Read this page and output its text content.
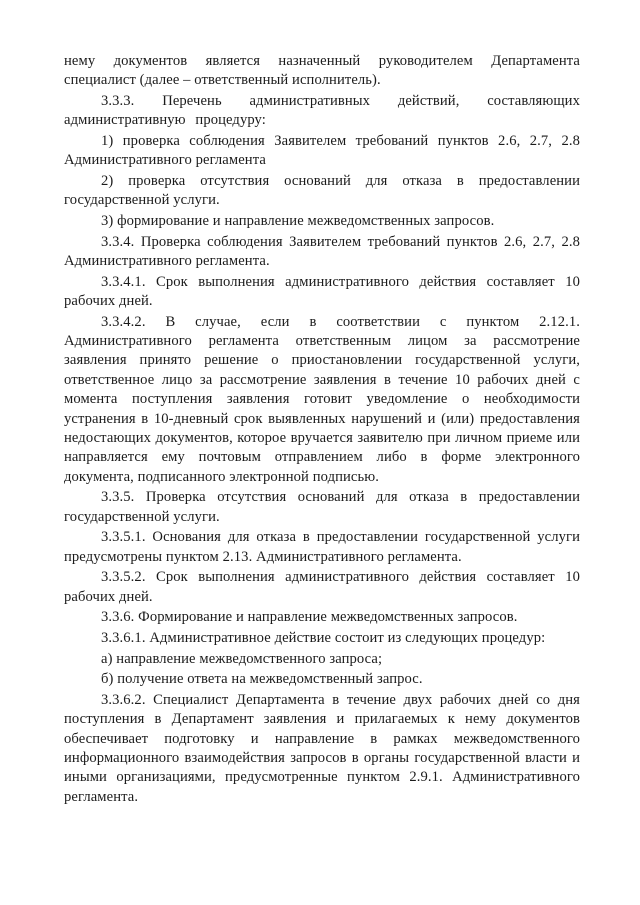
нему документов является назначенный руководителем Департамента специалист (далее – ответственный исполнитель).

3.3.3. Перечень административных действий, составляющих административную процедуру:

1) проверка соблюдения Заявителем требований пунктов 2.6, 2.7, 2.8 Административного регламента

2) проверка отсутствия оснований для отказа в предоставлении государственной услуги.

3) формирование и направление межведомственных запросов.

3.3.4. Проверка соблюдения Заявителем требований пунктов 2.6, 2.7, 2.8 Административного регламента.

3.3.4.1. Срок выполнения административного действия составляет 10 рабочих дней.

3.3.4.2. В случае, если в соответствии с пунктом 2.12.1. Административного регламента ответственным лицом за рассмотрение заявления принято решение о приостановлении государственной услуги, ответственное лицо за рассмотрение заявления в течение 10 рабочих дней с момента поступления заявления готовит уведомление о необходимости устранения в 10-дневный срок выявленных нарушений и (или) предоставления недостающих документов, которое вручается заявителю при личном приеме или направляется ему почтовым отправлением либо в форме электронного документа, подписанного электронной подписью.

3.3.5. Проверка отсутствия оснований для отказа в предоставлении государственной услуги.

3.3.5.1. Основания для отказа в предоставлении государственной услуги предусмотрены пунктом 2.13. Административного регламента.

3.3.5.2. Срок выполнения административного действия составляет 10 рабочих дней.

3.3.6. Формирование и направление межведомственных запросов.

3.3.6.1. Административное действие состоит из следующих процедур:

а) направление межведомственного запроса;

б) получение ответа на межведомственный запрос.

3.3.6.2. Специалист Департамента в течение двух рабочих дней со дня поступления в Департамент заявления и прилагаемых к нему документов обеспечивает подготовку и направление в рамках межведомственного информационного взаимодействия запросов в органы государственной власти и иными организациями, предусмотренные пунктом 2.9.1. Административного регламента.
